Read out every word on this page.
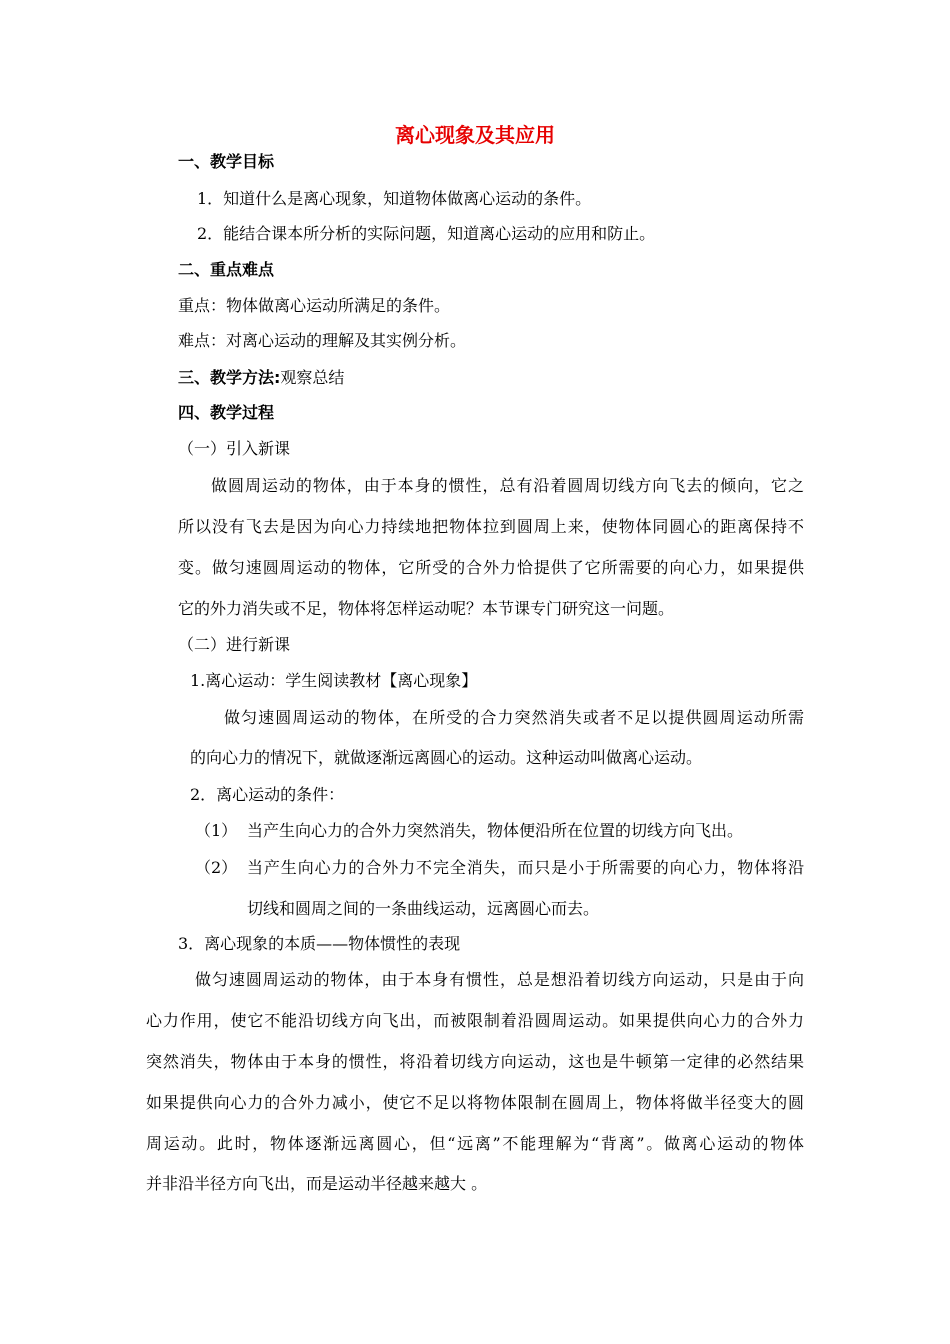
离心现象及其应用
一、教学目标
1．知道什么是离心现象，知道物体做离心运动的条件。
2．能结合课本所分析的实际问题，知道离心运动的应用和防止。
二、重点难点
重点：物体做离心运动所满足的条件。
难点：对离心运动的理解及其实例分析。
三、教学方法:观察总结
四、教学过程
（一）引入新课
做圆周运动的物体，由于本身的惯性，总有沿着圆周切线方向飞去的倾向，它之
所以没有飞去是因为向心力持续地把物体拉到圆周上来，使物体同圆心的距离保持不
变。做匀速圆周运动的物体，它所受的合外力恰提供了它所需要的向心力，如果提供
它的外力消失或不足，物体将怎样运动呢？本节课专门研究这一问题。
（二）进行新课
1.离心运动：学生阅读教材【离心现象】
做匀速圆周运动的物体，在所受的合力突然消失或者不足以提供圆周运动所需
的向心力的情况下，就做逐渐远离圆心的运动。这种运动叫做离心运动。
2．离心运动的条件：
（1） 当产生向心力的合外力突然消失，物体便沿所在位置的切线方向飞出。
（2） 当产生向心力的合外力不完全消失，而只是小于所需要的向心力，物体将沿
切线和圆周之间的一条曲线运动，远离圆心而去。
3．离心现象的本质——物体惯性的表现
做匀速圆周运动的物体，由于本身有惯性，总是想沿着切线方向运动，只是由于向
心力作用，使它不能沿切线方向飞出，而被限制着沿圆周运动。如果提供向心力的合外力
突然消失，物体由于本身的惯性，将沿着切线方向运动，这也是牛顿第一定律的必然结果
如果提供向心力的合外力减小，使它不足以将物体限制在圆周上，物体将做半径变大的圆
周运动。此时，物体逐渐远离圆心，但“远离”不能理解为“背离”。做离心运动的物体
并非沿半径方向飞出，而是运动半径越来越大 。
